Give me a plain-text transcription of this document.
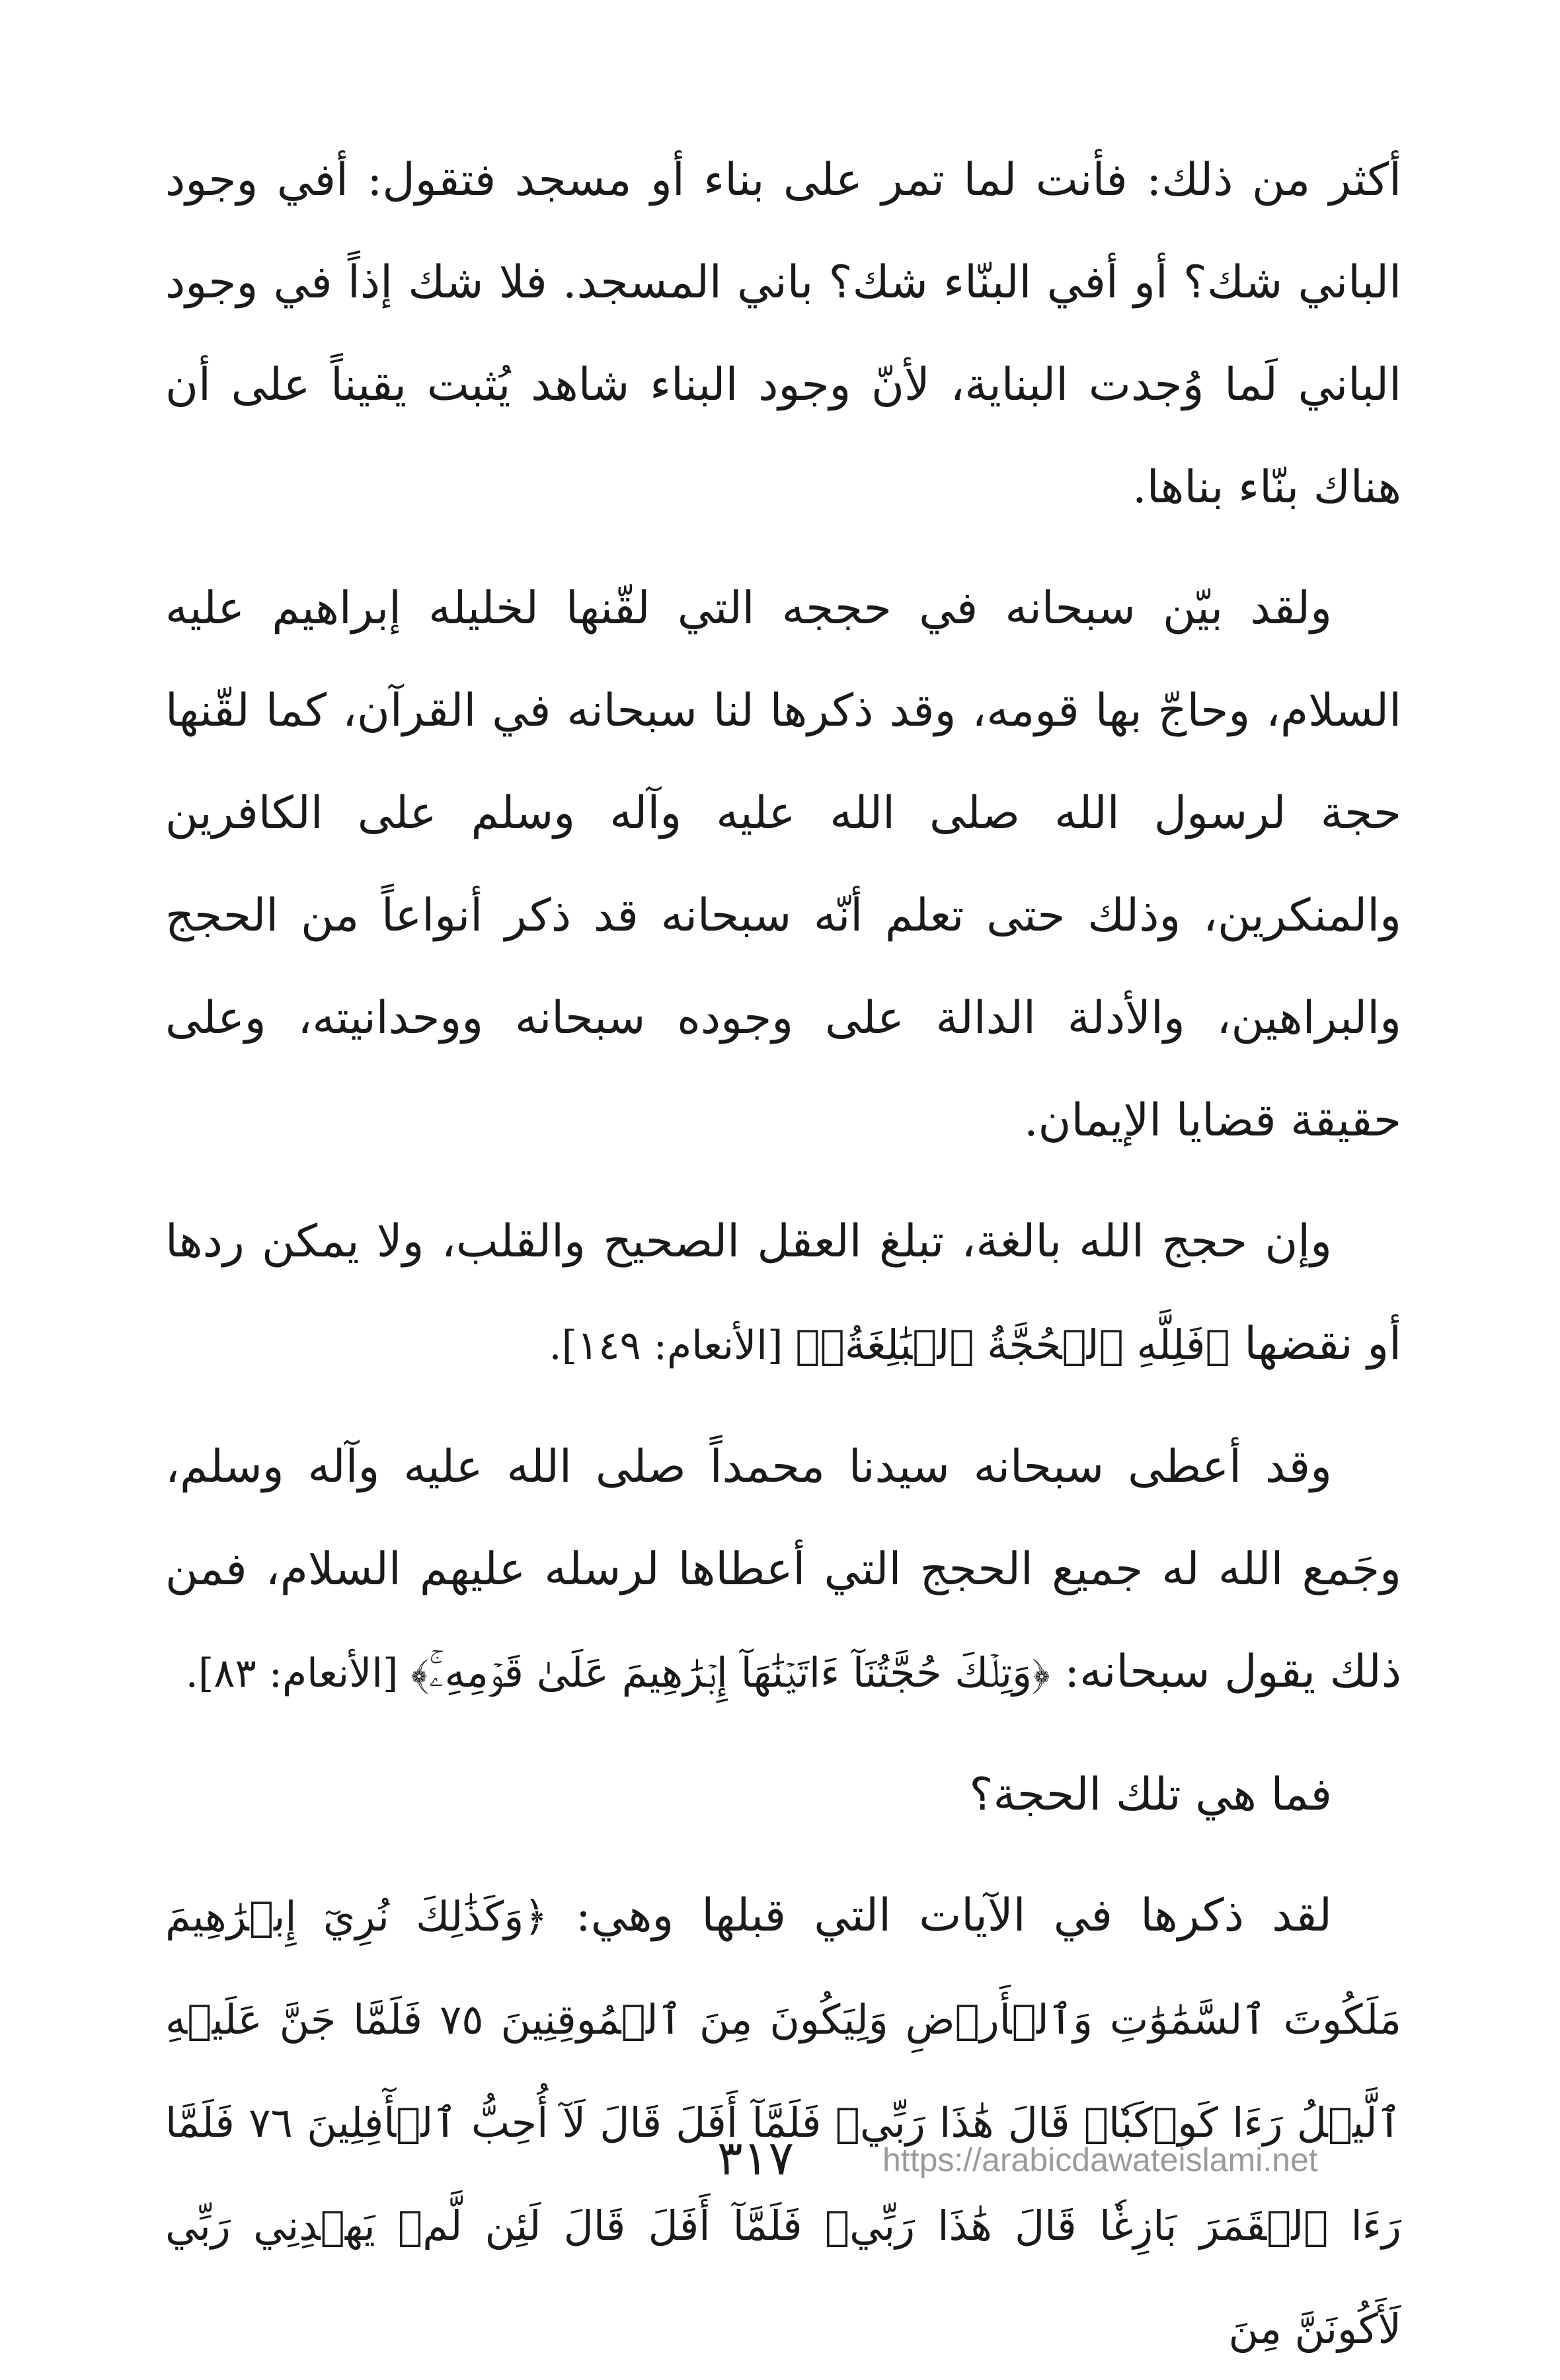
أكثر من ذلك: فأنت لما تمر على بناء أو مسجد فتقول: أفي وجود الباني شك؟ أو أفي البنّاء شك؟ باني المسجد. فلا شك إذاً في وجود الباني لَما وُجدت البناية، لأنّ وجود البناء شاهد يُثبت يقيناً على أن هناك بنّاء بناها.

ولقد بيّن سبحانه في حججه التي لقّنها لخليله إبراهيم عليه السلام، وحاجّ بها قومه، وقد ذكرها لنا سبحانه في القرآن، كما لقّنها حجة لرسول الله صلى الله عليه وآله وسلم على الكافرين والمنكرين، وذلك حتى تعلم أنّه سبحانه قد ذكر أنواعاً من الحجج والبراهين، والأدلة الدالة على وجوده سبحانه ووحدانيته، وعلى حقيقة قضايا الإيمان.

وإن حجج الله بالغة، تبلغ العقل الصحيح والقلب، ولا يمكن ردها أو نقضها ﴿فَلِلَّهِ ٱلۡحُجَّةُ ٱلۡبَٰلِغَةُۖ﴾ [الأنعام: ١٤٩].

وقد أعطى سبحانه سيدنا محمداً صلى الله عليه وآله وسلم، وجَمع الله له جميع الحجج التي أعطاها لرسله عليهم السلام، فمن ذلك يقول سبحانه: ﴿وَتِلۡكَ حُجَّتُنَآ ءَاتَيۡنَٰهَآ إِبۡرَٰهِيمَ عَلَىٰ قَوۡمِهِۦۚ﴾ [الأنعام: ٨٣].

فما هي تلك الحجة؟

لقد ذكرها في الآيات التي قبلها وهي: ﴿وَكَذَٰلِكَ نُرِيٓ إِبۡرَٰهِيمَ مَلَكُوتَ ٱلسَّمَٰوَٰتِ وَٱلۡأَرۡضِ وَلِيَكُونَ مِنَ ٱلۡمُوقِنِينَ ٧٥ فَلَمَّا جَنَّ عَلَيۡهِ ٱلَّيۡلُ رَءَا كَوۡكَبٗاۖ قَالَ هَٰذَا رَبِّيۖ فَلَمَّآ أَفَلَ قَالَ لَآ أُحِبُّ ٱلۡأٓفِلِينَ ٧٦ فَلَمَّا رَءَا ٱلۡقَمَرَ بَازِغٗا قَالَ هَٰذَا رَبِّيۖ فَلَمَّآ أَفَلَ قَالَ لَئِن لَّمۡ يَهۡدِنِي رَبِّي لَأَكُونَنَّ مِنَ

٣١٧	https://arabicdawateislami.net
